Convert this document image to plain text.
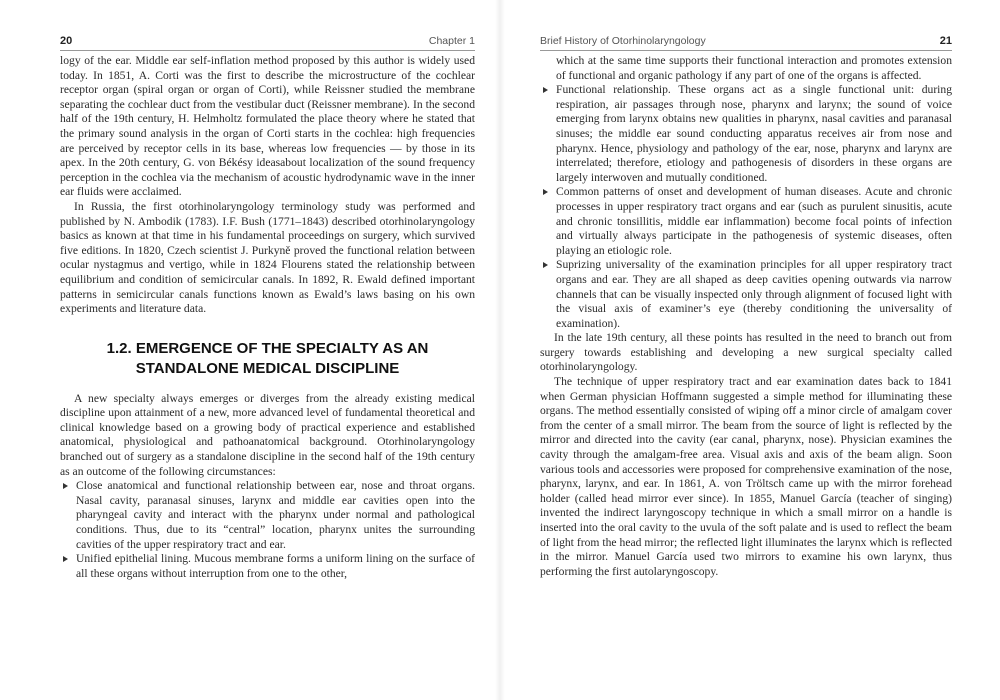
20	Chapter 1

logy of the ear. Middle ear self-inflation method proposed by this author is widely used today. In 1851, A. Corti was the first to describe the microstructure of the cochlear receptor organ (spiral organ or organ of Corti), while Reissner studied the membrane separating the cochlear duct from the vestibular duct (Reissner membrane). In the second half of the 19th century, H. Helmholtz formulated the place theory where he stated that the primary sound analysis in the organ of Corti starts in the cochlea: high frequencies are perceived by receptor cells in its base, whereas low frequencies — by those in its apex. In the 20th century, G. von Békésy ideasabout localization of the sound frequency perception in the cochlea via the mechanism of acoustic hydrodynamic wave in the inner ear fluids were acclaimed.

In Russia, the first otorhinolaryngology terminology study was performed and published by N. Ambodik (1783). I.F. Bush (1771–1843) described otorhinolaryngology basics as known at that time in his fundamental proceedings on surgery, which survived five editions. In 1820, Czech scientist J. Purkyně proved the functional relation between ocular nystagmus and vertigo, while in 1824 Flourens stated the relationship between equilibrium and condition of semicircular canals. In 1892, R. Ewald defined important patterns in semicircular canals functions known as Ewald’s laws basing on his own experiments and literature data.

1.2. EMERGENCE OF THE SPECIALTY AS AN STANDALONE MEDICAL DISCIPLINE

A new specialty always emerges or diverges from the already existing medical discipline upon attainment of a new, more advanced level of fundamental theoretical and clinical knowledge based on a growing body of practical experience and established anatomical, physiological and pathoanatomical background. Otorhinolaryngology branched out of surgery as a standalone discipline in the second half of the 19th century as an outcome of the following circumstances:

Close anatomical and functional relationship between ear, nose and throat organs. Nasal cavity, paranasal sinuses, larynx and middle ear cavities open into the pharyngeal cavity and interact with the pharynx under normal and pathological conditions. Thus, due to its “central” location, pharynx unites the surrounding cavities of the upper respiratory tract and ear.
Unified epithelial lining. Mucous membrane forms a uniform lining on the surface of all these organs without interruption from one to the other,
Brief History of Otorhinolaryngology	21

which at the same time supports their functional interaction and promotes extension of functional and organic pathology if any part of one of the organs is affected.

Functional relationship. These organs act as a single functional unit: during respiration, air passages through nose, pharynx and larynx; the sound of voice emerging from larynx obtains new qualities in pharynx, nasal cavities and paranasal sinuses; the middle ear sound conducting apparatus receives air from nose and pharynx. Hence, physiology and pathology of the ear, nose, pharynx and larynx are interrelated; therefore, etiology and pathogenesis of disorders in these organs are largely interwoven and mutually conditioned.
Common patterns of onset and development of human diseases. Acute and chronic processes in upper respiratory tract organs and ear (such as purulent sinusitis, acute and chronic tonsillitis, middle ear inflammation) become focal points of infection and virtually always participate in the pathogenesis of systemic diseases, often playing an etiologic role.
Suprizing universality of the examination principles for all upper respiratory tract organs and ear. They are all shaped as deep cavities opening outwards via narrow channels that can be visually inspected only through alignment of focused light with the visual axis of examiner’s eye (thereby conditioning the universality of examination).

In the late 19th century, all these points has resulted in the need to branch out from surgery towards establishing and developing a new surgical specialty called otorhinolaryngology.

The technique of upper respiratory tract and ear examination dates back to 1841 when German physician Hoffmann suggested a simple method for illuminating these organs. The method essentially consisted of wiping off a minor circle of amalgam cover from the center of a small mirror. The beam from the source of light is reflected by the mirror and directed into the cavity (ear canal, pharynx, nose). Physician examines the cavity through the amalgam-free area. Visual axis and axis of the beam align. Soon various tools and accessories were proposed for comprehensive examination of the nose, pharynx, larynx, and ear. In 1861, A. von Tröltsch came up with the mirror forehead holder (called head mirror ever since). In 1855, Manuel García (teacher of singing) invented the indirect laryngoscopy technique in which a small mirror on a handle is inserted into the oral cavity to the uvula of the soft palate and is used to reflect the beam of light from the head mirror; the reflected light illuminates the larynx which is reflected in the mirror. Manuel García used two mirrors to examine his own larynx, thus performing the first autolaryngoscopy.
